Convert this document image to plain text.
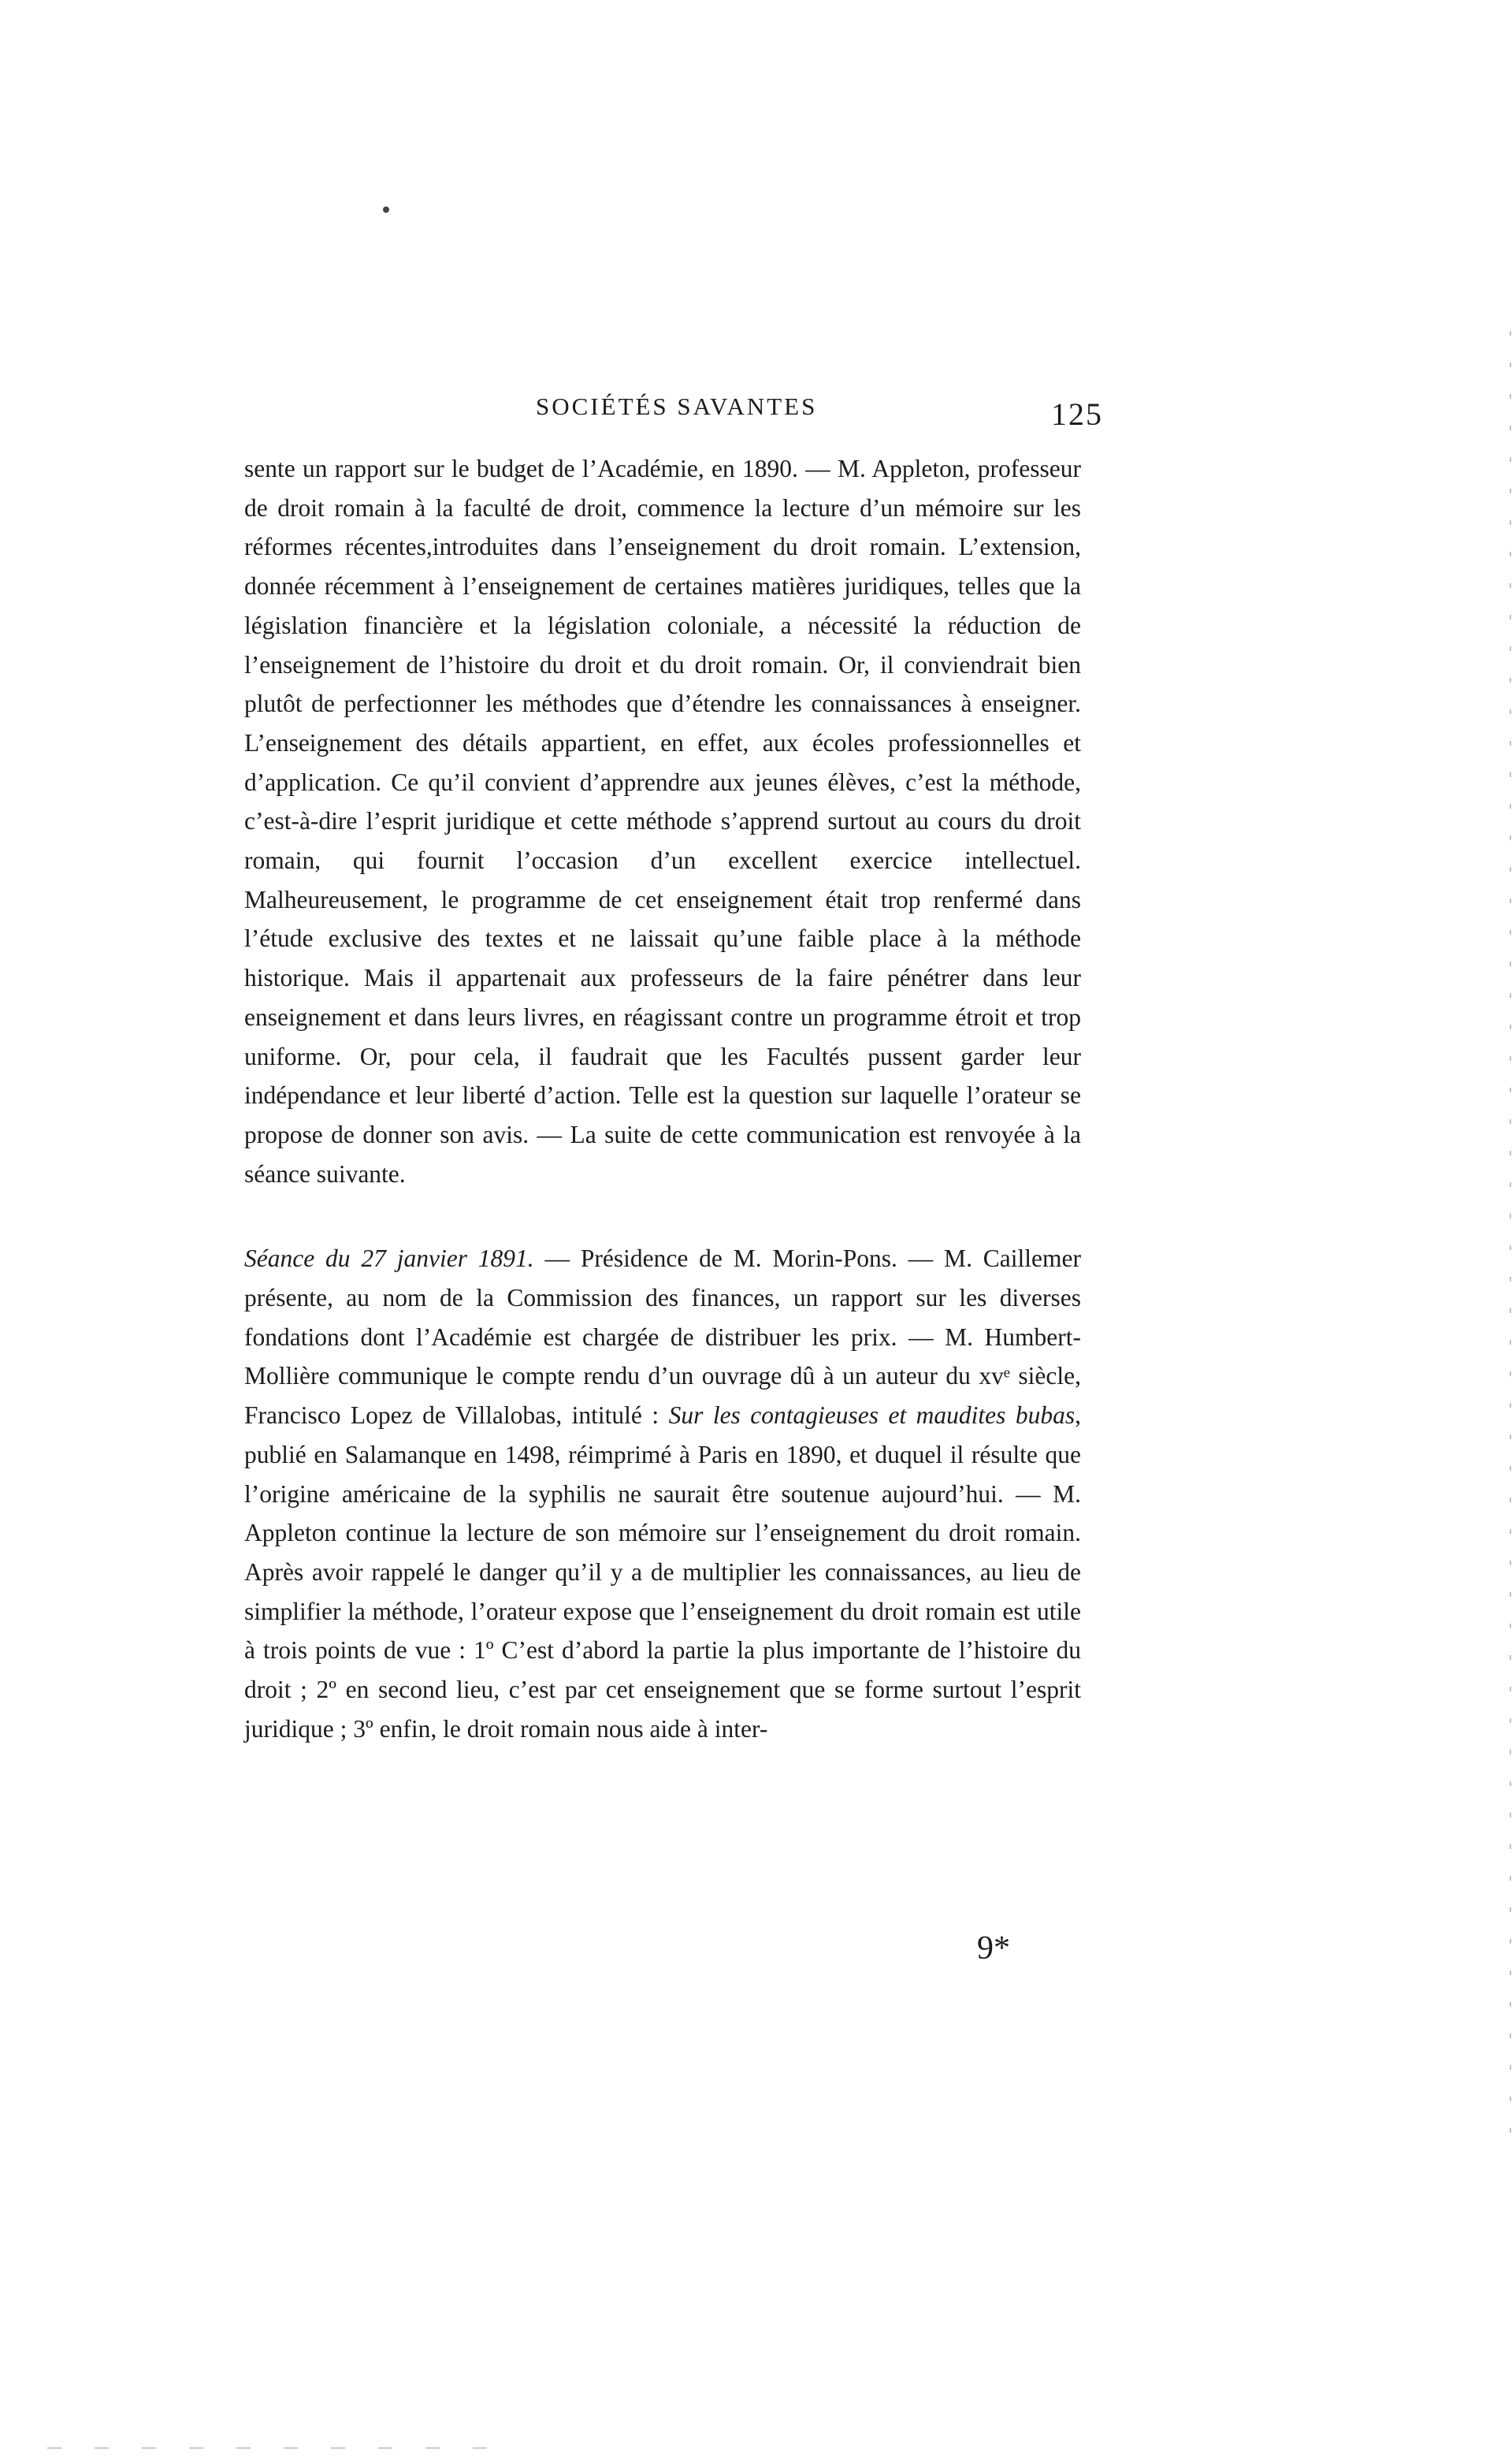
SOCIÉTÉS SAVANTES	125

sente un rapport sur le budget de l’Académie, en 1890. — M. Appleton, professeur de droit romain à la faculté de droit, commence la lecture d’un mémoire sur les réformes récentes,introduites dans l’enseignement du droit romain. L’extension, donnée récemment à l’enseignement de certaines matières juridiques, telles que la législation financière et la législation coloniale, a nécessité la réduction de l’enseignement de l’histoire du droit et du droit romain. Or, il conviendrait bien plutôt de perfectionner les méthodes que d’étendre les connaissances à enseigner. L’enseignement des détails appartient, en effet, aux écoles professionnelles et d’application. Ce qu’il convient d’apprendre aux jeunes élèves, c’est la méthode, c’est-à-dire l’esprit juridique et cette méthode s’apprend surtout au cours du droit romain, qui fournit l’occasion d’un excellent exercice intellectuel. Malheureusement, le programme de cet enseignement était trop renfermé dans l’étude exclusive des textes et ne laissait qu’une faible place à la méthode historique. Mais il appartenait aux professeurs de la faire pénétrer dans leur enseignement et dans leurs livres, en réagissant contre un programme étroit et trop uniforme. Or, pour cela, il faudrait que les Facultés pussent garder leur indépendance et leur liberté d’action. Telle est la question sur laquelle l’orateur se propose de donner son avis. — La suite de cette communication est renvoyée à la séance suivante.

Séance du 27 janvier 1891. — Présidence de M. Morin-Pons. — M. Caillemer présente, au nom de la Commission des finances, un rapport sur les diverses fondations dont l’Académie est chargée de distribuer les prix. — M. Humbert-Mollière communique le compte rendu d’un ouvrage dû à un auteur du xvᵉ siècle, Francisco Lopez de Villalobas, intitulé : Sur les contagieuses et maudites bubas, publié en Salamanque en 1498, réimprimé à Paris en 1890, et duquel il résulte que l’origine américaine de la syphilis ne saurait être soutenue aujourd’hui. — M. Appleton continue la lecture de son mémoire sur l’enseignement du droit romain. Après avoir rappelé le danger qu’il y a de multiplier les connaissances, au lieu de simplifier la méthode, l’orateur expose que l’enseignement du droit romain est utile à trois points de vue : 1º C’est d’abord la partie la plus importante de l’histoire du droit ; 2º en second lieu, c’est par cet enseignement que se forme surtout l’esprit juridique ; 3º enfin, le droit romain nous aide à inter-

9*
